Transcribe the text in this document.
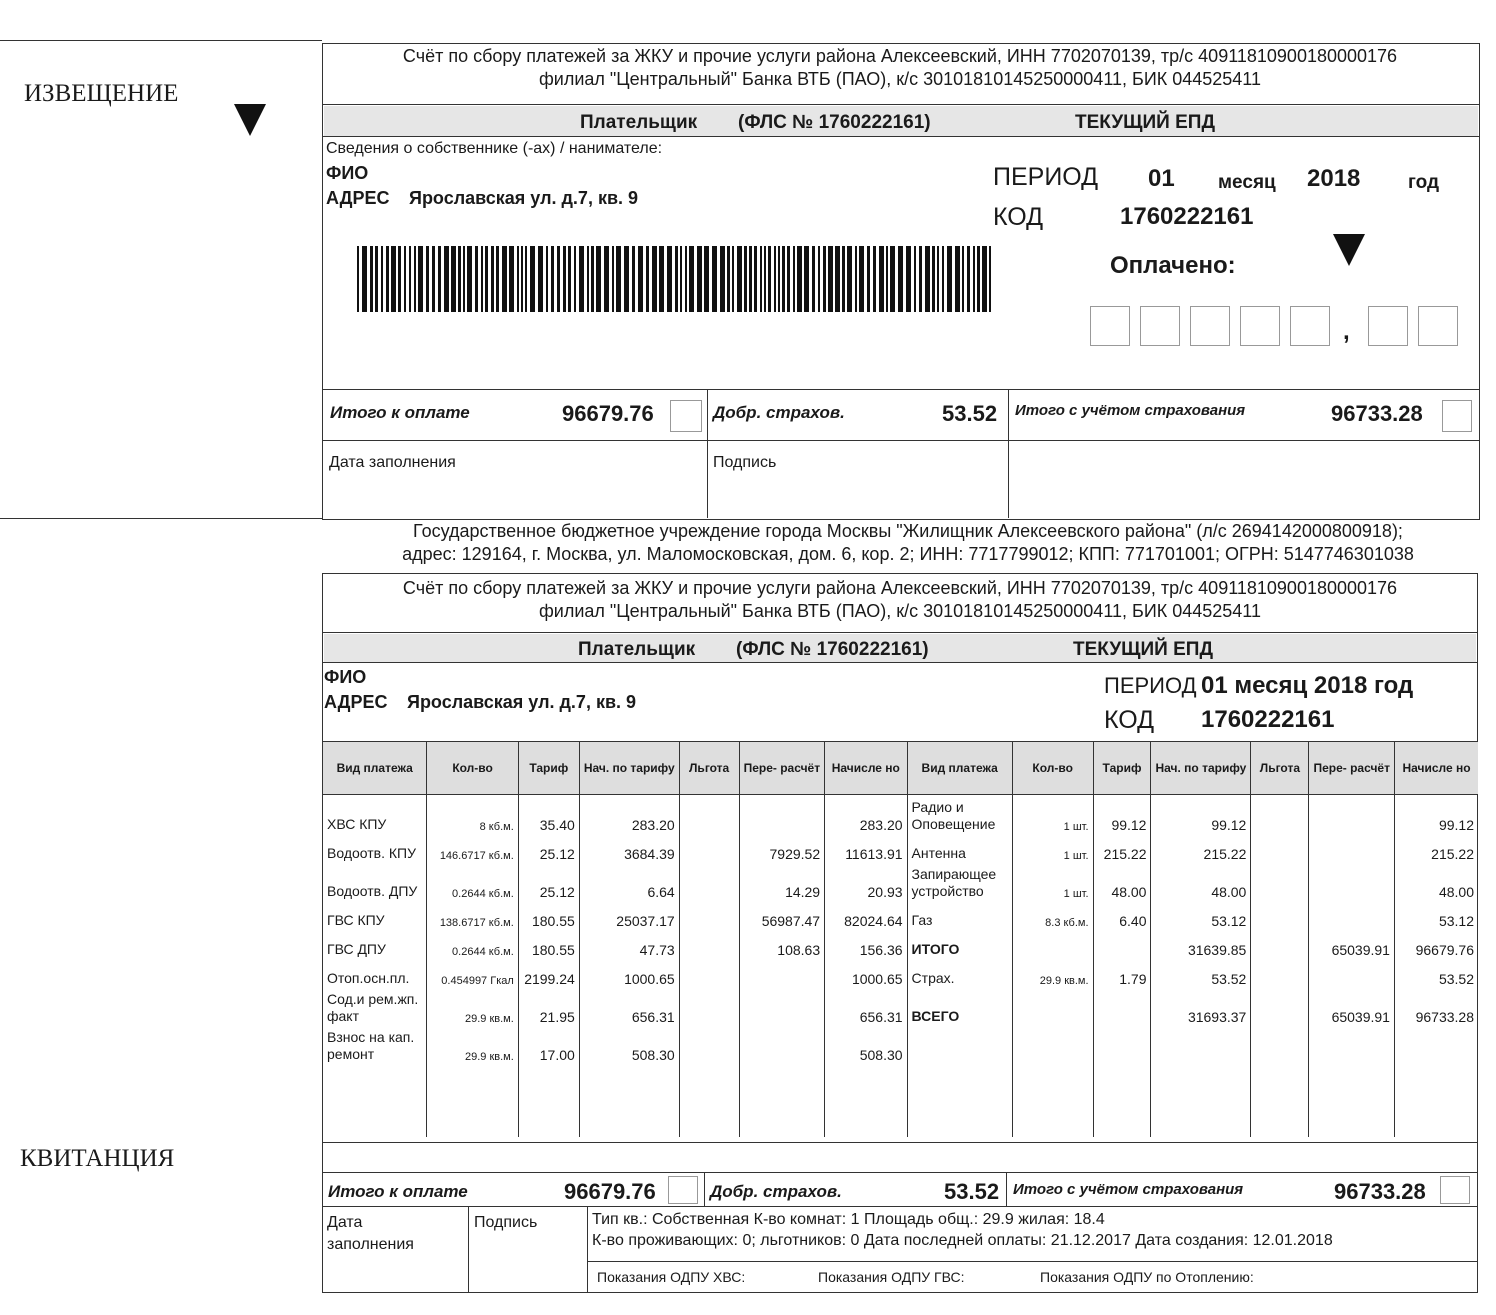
ИЗВЕЩЕНИЕ
Счёт по сбору платежей за ЖКУ и прочие услуги района Алексеевский, ИНН 7702070139, тр/с 40911810900180000176
филиал "Центральный" Банка ВТБ (ПАО), к/с 30101810145250000411, БИК 044525411
Плательщик (ФЛС № 1760222161)	ТЕКУЩИЙ ЕПД
Сведения о собственнике (-ах) / нанимателе:
ФИО
АДРЕС Ярославская ул. д.7, кв. 9
ПЕРИОД 01 месяц 2018	год
КОД	1760222161
Оплачено:
,
Итого к оплате	96679.76	Добр. страхов.	53.52 Итого с учётом страхования	96733.28
Дата заполнения	Подпись
КВИТАНЦИЯ
Государственное бюджетное учреждение города Москвы "Жилищник Алексеевского района" (л/с 2694142000800918);
адрес: 129164, г. Москва, ул. Маломосковская, дом. 6, кор. 2; ИНН: 7717799012; КПП: 771701001; ОГРН: 5147746301038
Счёт по сбору платежей за ЖКУ и прочие услуги района Алексеевский, ИНН 7702070139, тр/с 40911810900180000176
филиал "Центральный" Банка ВТБ (ПАО), к/с 30101810145250000411, БИК 044525411
Плательщик (ФЛС № 1760222161)	ТЕКУЩИЙ ЕПД
ФИО
АДРЕС Ярославская ул. д.7, кв. 9
ПЕРИОД 01 месяц 2018 год
КОД 1760222161
Вид платежа	Кол-во	Тариф	Нач. по тарифу	Льгота	Пере- расчёт	Начисле но	Вид платежа	Кол-во	Тариф	Нач. по тарифу	Льгота	Пере- расчёт	Начисле но
ХВС КПУ	8 кб.м.	35.40	283.20			283.20	Радио и Оповещение	1 шт.	99.12	99.12			99.12
Водоотв. КПУ	146.6717 кб.м.	25.12	3684.39		7929.52	11613.91	Антенна	1 шт.	215.22	215.22			215.22
Водоотв. ДПУ	0.2644 кб.м.	25.12	6.64		14.29	20.93	Запирающее устройство	1 шт.	48.00	48.00			48.00
ГВС КПУ	138.6717 кб.м.	180.55	25037.17		56987.47	82024.64	Газ	8.3 кб.м.	6.40	53.12			53.12
ГВС ДПУ	0.2644 кб.м.	180.55	47.73		108.63	156.36	ИТОГО			31639.85		65039.91	96679.76
Отоп.осн.пл.	0.454997 Гкал	2199.24	1000.65			1000.65	Страх.	29.9 кв.м.	1.79	53.52			53.52
Сод.и рем.жп. факт	29.9 кв.м.	21.95	656.31			656.31	ВСЕГО			31693.37		65039.91	96733.28
Взнос на кап. ремонт	29.9 кв.м.	17.00	508.30			508.30							

Итого к оплате	96679.76	Добр. страхов.	53.52 Итого с учётом страхования	96733.28
Дата
заполнения
Подпись	Тип кв.: Собственная К-во комнат: 1 Площадь общ.: 29.9 жилая: 18.4
К-во проживающих: 0; льготников: 0 Дата последней оплаты: 21.12.2017 Дата создания: 12.01.2018
Показания ОДПУ ХВС:	Показания ОДПУ ГВС:	Показания ОДПУ по Отоплению:
